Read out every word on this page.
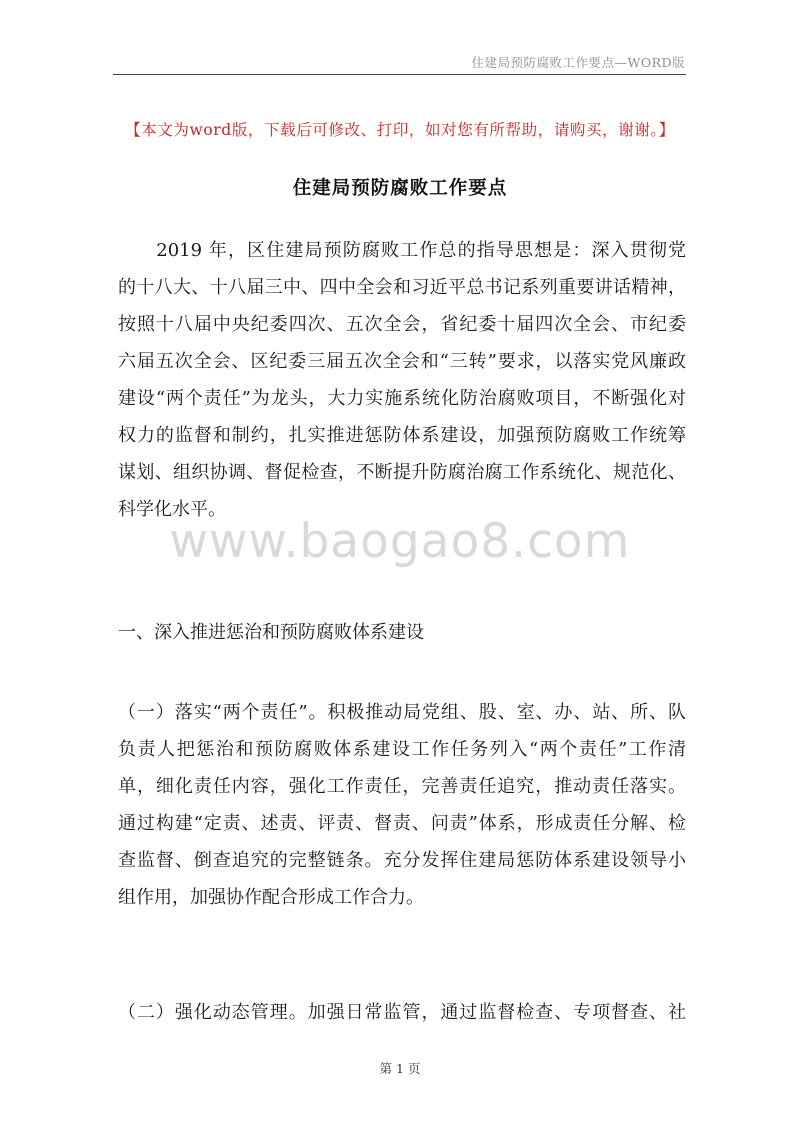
住建局预防腐败工作要点—WORD版
【本文为word版，下载后可修改、打印，如对您有所帮助，请购买，谢谢。】
住建局预防腐败工作要点
　　2019 年，区住建局预防腐败工作总的指导思想是：深入贯彻党
的十八大、十八届三中、四中全会和习近平总书记系列重要讲话精神，
按照十八届中央纪委四次、五次全会，省纪委十届四次全会、市纪委
六届五次全会、区纪委三届五次全会和“三转”要求，以落实党风廉政
建设“两个责任”为龙头，大力实施系统化防治腐败项目，不断强化对
权力的监督和制约，扎实推进惩防体系建设，加强预防腐败工作统筹
谋划、组织协调、督促检查，不断提升防腐治腐工作系统化、规范化、
科学化水平。
www.baogao8.com
一、深入推进惩治和预防腐败体系建设
（一）落实“两个责任”。积极推动局党组、股、室、办、站、所、队
负责人把惩治和预防腐败体系建设工作任务列入“两个责任”工作清
单，细化责任内容，强化工作责任，完善责任追究，推动责任落实。
通过构建“定责、述责、评责、督责、问责”体系，形成责任分解、检
查监督、倒查追究的完整链条。充分发挥住建局惩防体系建设领导小
组作用，加强协作配合形成工作合力。
（二）强化动态管理。加强日常监管，通过监督检查、专项督查、社
第 1 页
